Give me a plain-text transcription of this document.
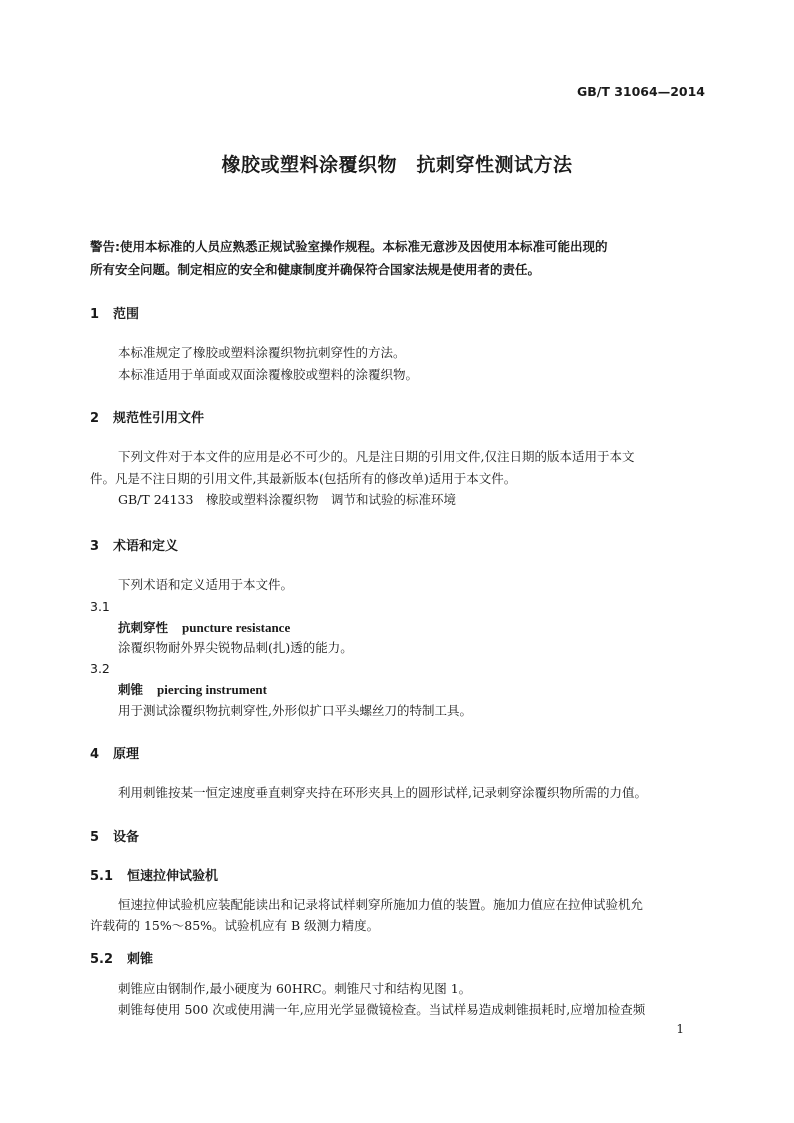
GB/T 31064—2014
橡胶或塑料涂覆织物　抗刺穿性测试方法
警告:使用本标准的人员应熟悉正规试验室操作规程。本标准无意涉及因使用本标准可能出现的
所有安全问题。制定相应的安全和健康制度并确保符合国家法规是使用者的责任。
1 范围
本标准规定了橡胶或塑料涂覆织物抗刺穿性的方法。
本标准适用于单面或双面涂覆橡胶或塑料的涂覆织物。
2 规范性引用文件
下列文件对于本文件的应用是必不可少的。凡是注日期的引用文件,仅注日期的版本适用于本文
件。凡是不注日期的引用文件,其最新版本(包括所有的修改单)适用于本文件。
GB/T 24133　橡胶或塑料涂覆织物　调节和试验的标准环境
3 术语和定义
下列术语和定义适用于本文件。
3.1
抗刺穿性 puncture resistance
涂覆织物耐外界尖锐物品刺(扎)透的能力。
3.2
刺锥 piercing instrument
用于测试涂覆织物抗刺穿性,外形似扩口平头螺丝刀的特制工具。
4 原理
利用刺锥按某一恒定速度垂直刺穿夹持在环形夹具上的圆形试样,记录刺穿涂覆织物所需的力值。
5 设备
5.1 恒速拉伸试验机
恒速拉伸试验机应装配能读出和记录将试样刺穿所施加力值的装置。施加力值应在拉伸试验机允
许载荷的 15%～85%。试验机应有 B 级测力精度。
5.2 刺锥
刺锥应由钢制作,最小硬度为 60HRC。刺锥尺寸和结构见图 1。
刺锥每使用 500 次或使用满一年,应用光学显微镜检查。当试样易造成刺锥损耗时,应增加检查频
1
